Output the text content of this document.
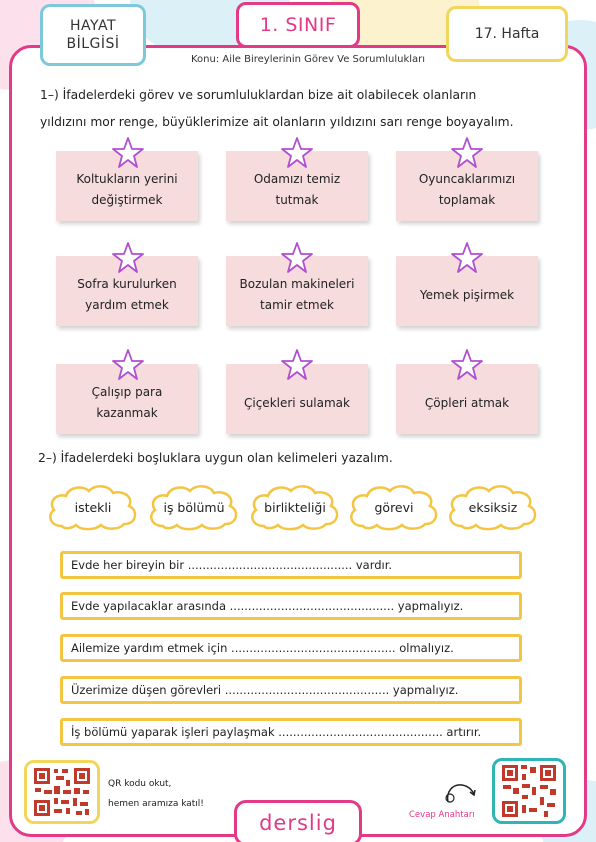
HAYAT
BİLGİSİ
1. SINIF	17. Hafta
Konu: Aile Bireylerinin Görev Ve Sorumlulukları
1–) İfadelerdeki görev ve sorumluluklardan bize ait olabilecek olanların
yıldızını mor renge, büyüklerimize ait olanların yıldızını sarı renge boyayalım.
Koltukların yerini değiştirmek
Odamızı temiz tutmak
Oyuncaklarımızı toplamak
Sofra kurulurken yardım etmek
Bozulan makineleri tamir etmek
Yemek pişirmek
Çalışıp para kazanmak
Çiçekleri sulamak	Çöpleri atmak
2–) İfadelerdeki boşluklara uygun olan kelimeleri yazalım.
istekli	iş bölümü	birlikteliği	görevi	eksiksiz
Evde her bireyin bir ............................................. vardır.
Evde yapılacaklar arasında ............................................. yapmalıyız.
Ailemize yardım etmek için ............................................. olmalıyız.
Üzerimize düşen görevleri ............................................. yapmalıyız.
İş bölümü yaparak işleri paylaşmak ............................................. artırır.
QR kodu okut,
hemen aramıza katıl!
derslig	Cevap Anahtarı
